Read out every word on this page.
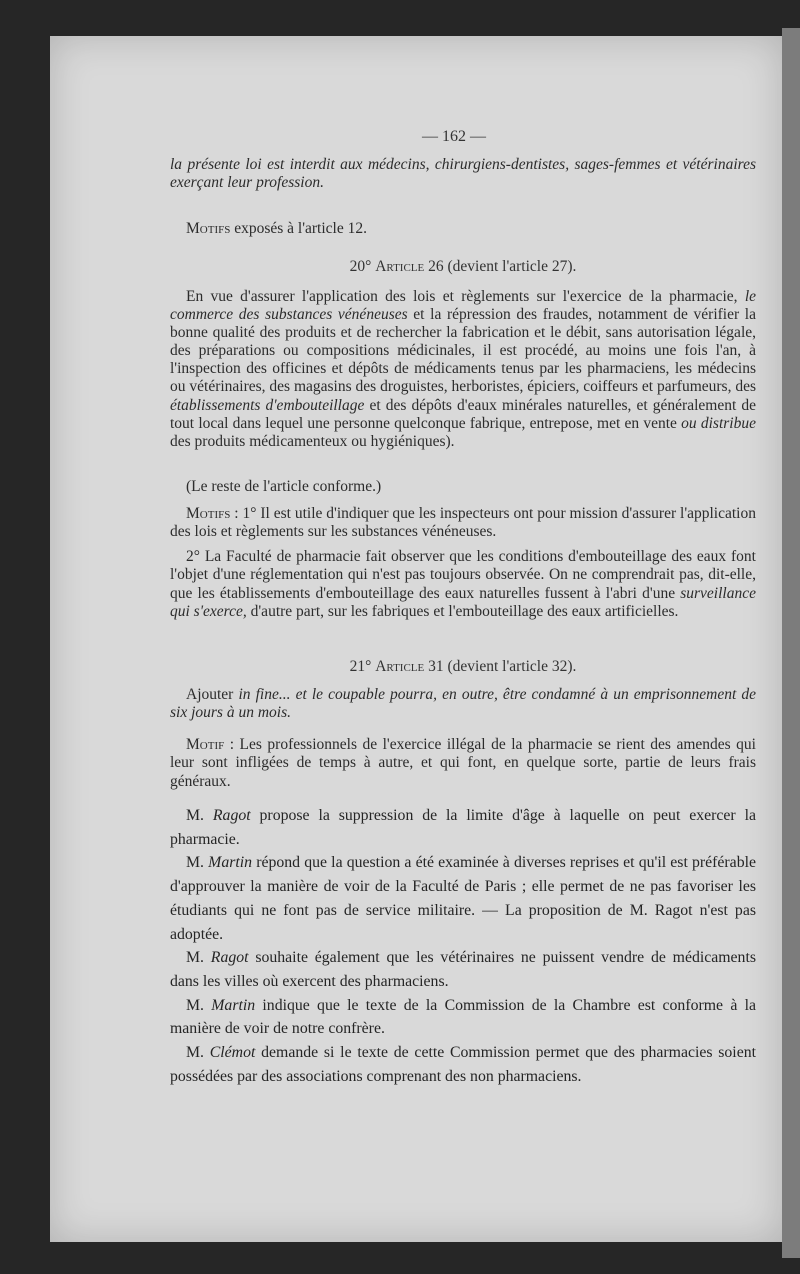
— 162 —
la présente loi est interdit aux médecins, chirurgiens-dentistes, sages-femmes et vétérinaires exerçant leur profession.
Motifs exposés à l'article 12.
20° Article 26 (devient l'article 27).
En vue d'assurer l'application des lois et règlements sur l'exercice de la pharmacie, le commerce des substances vénéneuses et la répression des fraudes, notamment de vérifier la bonne qualité des produits et de rechercher la fabrication et le débit, sans autorisation légale, des préparations ou compositions médicinales, il est procédé, au moins une fois l'an, à l'inspection des officines et dépôts de médicaments tenus par les pharmaciens, les médecins ou vétérinaires, des magasins des droguistes, herboristes, épiciers, coiffeurs et parfumeurs, des établissements d'embouteillage et des dépôts d'eaux minérales naturelles, et généralement de tout local dans lequel une personne quelconque fabrique, entrepose, met en vente ou distribue des produits médicamenteux ou hygiéniques).
(Le reste de l'article conforme.)
Motifs : 1° Il est utile d'indiquer que les inspecteurs ont pour mission d'assurer l'application des lois et règlements sur les substances vénéneuses.
2° La Faculté de pharmacie fait observer que les conditions d'embouteillage des eaux font l'objet d'une réglementation qui n'est pas toujours observée. On ne comprendrait pas, dit-elle, que les établissements d'embouteillage des eaux naturelles fussent à l'abri d'une surveillance qui s'exerce, d'autre part, sur les fabriques et l'embouteillage des eaux artificielles.
21° Article 31 (devient l'article 32).
Ajouter in fine... et le coupable pourra, en outre, être condamné à un emprisonnement de six jours à un mois.
Motif : Les professionnels de l'exercice illégal de la pharmacie se rient des amendes qui leur sont infligées de temps à autre, et qui font, en quelque sorte, partie de leurs frais généraux.
M. Ragot propose la suppression de la limite d'âge à laquelle on peut exercer la pharmacie.
M. Martin répond que la question a été examinée à diverses reprises et qu'il est préférable d'approuver la manière de voir de la Faculté de Paris ; elle permet de ne pas favoriser les étudiants qui ne font pas de service militaire. — La proposition de M. Ragot n'est pas adoptée.
M. Ragot souhaite également que les vétérinaires ne puissent vendre de médicaments dans les villes où exercent des pharmaciens.
M. Martin indique que le texte de la Commission de la Chambre est conforme à la manière de voir de notre confrère.
M. Clémot demande si le texte de cette Commission permet que des pharmacies soient possédées par des associations comprenant des non pharmaciens.
